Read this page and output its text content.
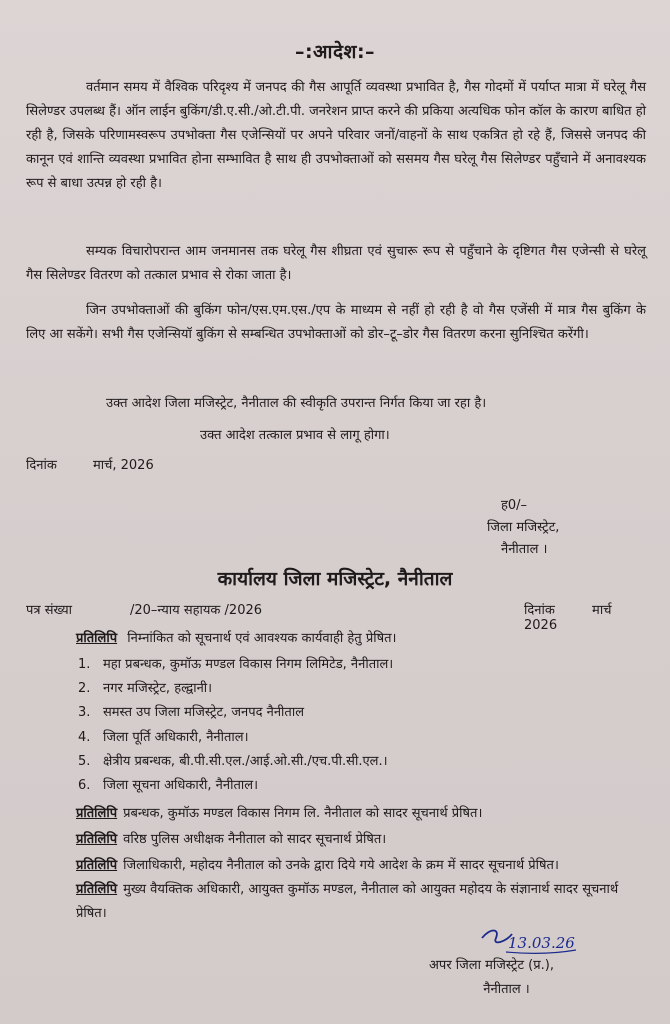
–:आदेश:–
वर्तमान समय में वैश्विक परिदृश्य में जनपद की गैस आपूर्ति व्यवस्था प्रभावित है, गैस गोदमों में पर्याप्त मात्रा में घरेलू गैस सिलेण्डर उपलब्ध हैं। ऑन लाईन बुकिंग/डी.ए.सी./ओ.टी.पी. जनरेशन प्राप्त करने की प्रकिया अत्यधिक फोन कॉल के कारण बाधित हो रही है, जिसके परिणामस्वरूप उपभोक्ता गैस एजेन्सियों पर अपने परिवार जनों/वाहनों के साथ एकत्रित हो रहे हैं, जिससे जनपद की कानून एवं शान्ति व्यवस्था प्रभावित होना सम्भावित है साथ ही उपभोक्ताओं को ससमय गैस घरेलू गैस सिलेण्डर पहुँचाने में अनावश्यक रूप से बाधा उत्पन्न हो रही है।
सम्यक विचारोपरान्त आम जनमानस तक घरेलू गैस शीघ्रता एवं सुचारू रूप से पहुँचाने के दृष्टिगत गैस एजेन्सी से घरेलू गैस सिलेण्डर वितरण को तत्काल प्रभाव से रोका जाता है।
जिन उपभोक्ताओं की बुकिंग फोन/एस.एम.एस./एप के माध्यम से नहीं हो रही है वो गैस एजेंसी में मात्र गैस बुकिंग के लिए आ सकेंगे। सभी गैस एजेन्सियॉ बुकिंग से सम्बन्धित उपभोक्ताओं को डोर–टू–डोर गैस वितरण करना सुनिश्चित करेंगी।
उक्त आदेश जिला मजिस्ट्रेट, नैनीताल की स्वीकृति उपरान्त निर्गत किया जा रहा है।
उक्त आदेश तत्काल प्रभाव से लागू होगा।
दिनांक	मार्च, 2026
ह0/–
जिला मजिस्ट्रेट,
नैनीताल ।
कार्यालय जिला मजिस्ट्रेट, नैनीताल
पत्र संख्या	/20–न्याय सहायक /2026	दिनांक	मार्च 2026
प्रतिलिपि निम्नांकित को सूचनार्थ एवं आवश्यक कार्यवाही हेतु प्रेषित।
1. महा प्रबन्धक, कुमॉऊ मण्डल विकास निगम लिमिटेड, नैनीताल।
2. नगर मजिस्ट्रेट, हल्द्वानी।
3. समस्त उप जिला मजिस्ट्रेट, जनपद नैनीताल
4. जिला पूर्ति अधिकारी, नैनीताल।
5. क्षेत्रीय प्रबन्धक, बी.पी.सी.एल./आई.ओ.सी./एच.पी.सी.एल.।
6. जिला सूचना अधिकारी, नैनीताल।
प्रतिलिपि प्रबन्धक, कुमॉऊ मण्डल विकास निगम लि. नैनीताल को सादर सूचनार्थ प्रेषित।
प्रतिलिपि वरिष्ठ पुलिस अधीक्षक नैनीताल को सादर सूचनार्थ प्रेषित।
प्रतिलिपि जिलाधिकारी, महोदय नैनीताल को उनके द्वारा दिये गये आदेश के क्रम में सादर सूचनार्थ प्रेषित।
प्रतिलिपि मुख्य वैयक्तिक अधिकारी, आयुक्त कुमॉऊ मण्डल, नैनीताल को आयुक्त महोदय के संज्ञानार्थ सादर सूचनार्थ प्रेषित।
13.03.26
अपर जिला मजिस्ट्रेट (प्र.),
नैनीताल ।
